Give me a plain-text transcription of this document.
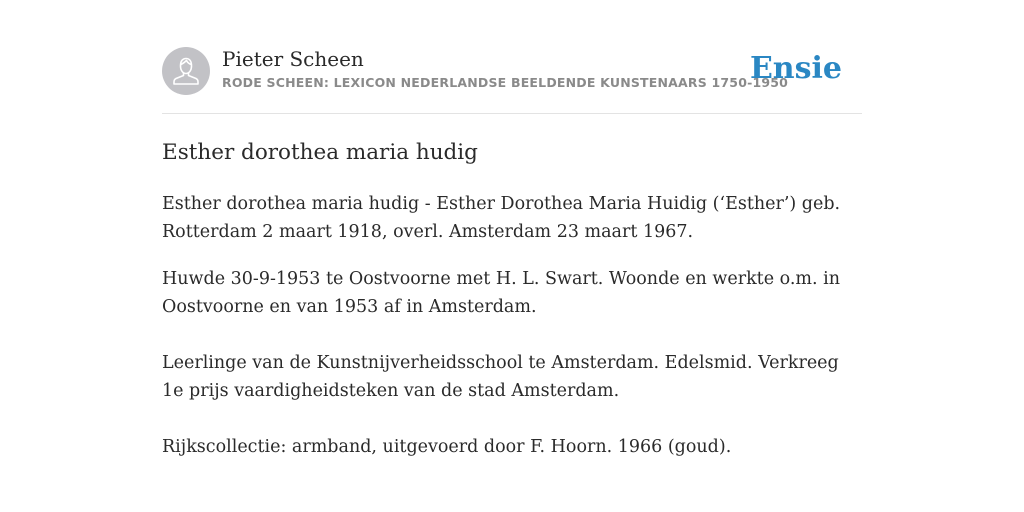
Pieter Scheen
RODE SCHEEN: LEXICON NEDERLANDSE BEELDENDE KUNSTENAARS 1750-1950
Ensie
Esther dorothea maria hudig
Esther dorothea maria hudig - Esther Dorothea Maria Huidig (‘Esther’) geb. Rotterdam 2 maart 1918, overl. Amsterdam 23 maart 1967.
Huwde 30-9-1953 te Oostvoorne met H. L. Swart. Woonde en werkte o.m. in Oostvoorne en van 1953 af in Amsterdam.
Leerlinge van de Kunstnijverheidsschool te Amsterdam. Edelsmid. Verkreeg 1e prijs vaardigheidsteken van de stad Amsterdam.
Rijkscollectie: armband, uitgevoerd door F. Hoorn. 1966 (goud).
